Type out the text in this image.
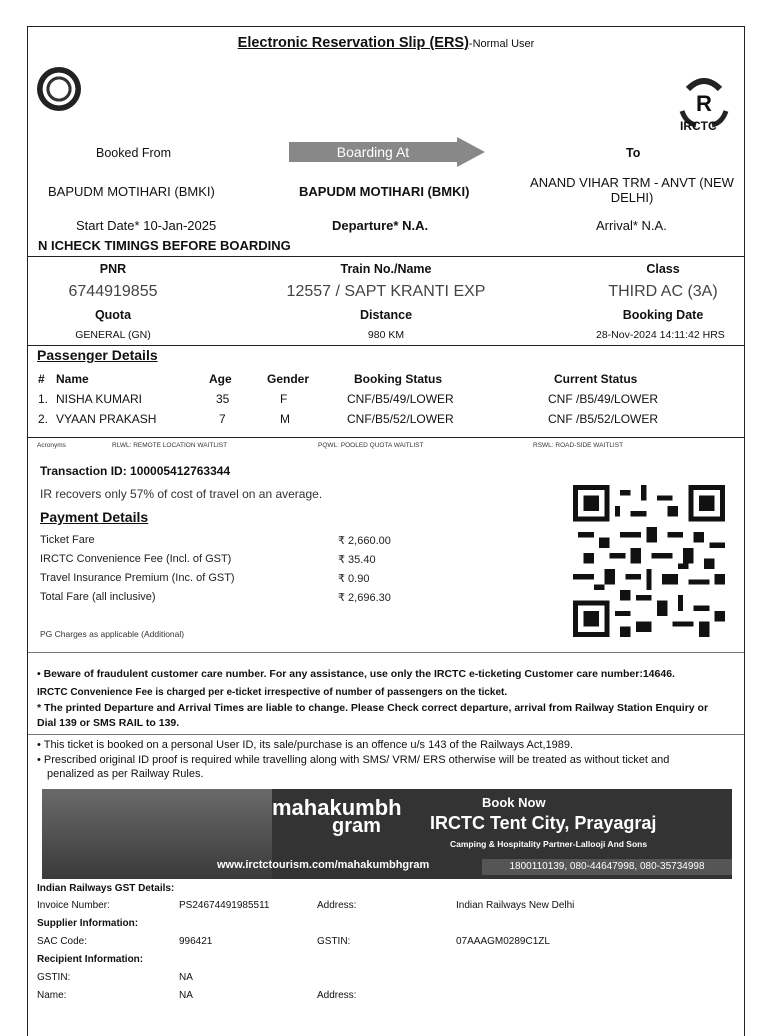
Electronic Reservation Slip (ERS)-Normal User
R
IRCTC
Booked From	Boarding At	To
BAPUDM MOTIHARI (BMKI)	BAPUDM MOTIHARI (BMKI)
ANAND VIHAR TRM - ANVT (NEW
DELHI)
Start Date* 10-Jan-2025	Departure* N.A.	Arrival* N.A.
N ICHECK TIMINGS BEFORE BOARDING
PNR	Train No./Name	Class
6744919855	12557 / SAPT KRANTI EXP	THIRD AC (3A)
Quota	Distance	Booking Date
GENERAL (GN)	980 KM	28-Nov-2024 14:11:42 HRS
Passenger Details
# Name	Age	Gender	Booking Status	Current Status
1. NISHA KUMARI	35	F	CNF/B5/49/LOWER	CNF /B5/49/LOWER
2. VYAAN PRAKASH	7	M	CNF/B5/52/LOWER	CNF /B5/52/LOWER
Acronyms	RLWL: REMOTE LOCATION WAITLIST	PQWL: POOLED QUOTA WAITLIST	RSWL: ROAD-SIDE WAITLIST
Transaction ID: 100005412763344
IR recovers only 57% of cost of travel on an average.
Payment Details
Ticket Fare	₹ 2,660.00
IRCTC Convenience Fee (Incl. of GST)	₹ 35.40
Travel Insurance Premium (Inc. of GST)	₹ 0.90
Total Fare (all inclusive)	₹ 2,696.30
PG Charges as applicable (Additional)
• Beware of fraudulent customer care number. For any assistance, use only the IRCTC e-ticketing Customer care number:14646.
IRCTC Convenience Fee is charged per e-ticket irrespective of number of passengers on the ticket.
* The printed Departure and Arrival Times are liable to change. Please Check correct departure, arrival from Railway Station Enquiry or
Dial 139 or SMS RAIL to 139.
• This ticket is booked on a personal User ID, its sale/purchase is an offence u/s 143 of the Railways Act,1989.
• Prescribed original ID proof is required while travelling along with SMS/ VRM/ ERS otherwise will be treated as without ticket and
penalized as per Railway Rules.
mahakumbh
gram
Book Now
IRCTC Tent City, Prayagraj
Camping & Hospitality Partner-Lallooji And Sons
www.irctctourism.com/mahakumbhgram	1800110139, 080-44647998, 080-35734998
Indian Railways GST Details:
Invoice Number:	PS24674491985511	Address:	Indian Railways New Delhi
Supplier Information:
SAC Code:	996421	GSTIN:	07AAAGM0289C1ZL
Recipient Information:
GSTIN:	NA
Name:	NA	Address:
